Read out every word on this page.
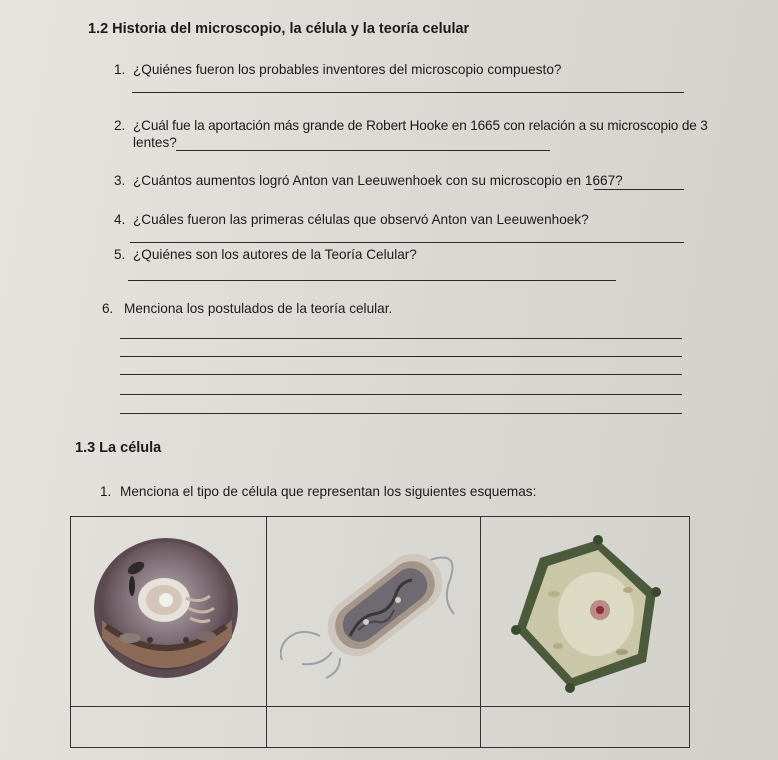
1.2 Historia del microscopio, la célula y la teoría celular
1. ¿Quiénes fueron los probables inventores del microscopio compuesto?
2. ¿Cuál fue la aportación más grande de Robert Hooke en 1665 con relación a su microscopio de 3
lentes?
3. ¿Cuántos aumentos logró Anton van Leeuwenhoek con su microscopio en 1667?
4. ¿Cuáles fueron las primeras células que observó Anton van Leeuwenhoek?
5. ¿Quiénes son los autores de la Teoría Celular?
6. Menciona los postulados de la teoría celular.
1.3 La célula
1. Menciona el tipo de célula que representan los siguientes esquemas:
